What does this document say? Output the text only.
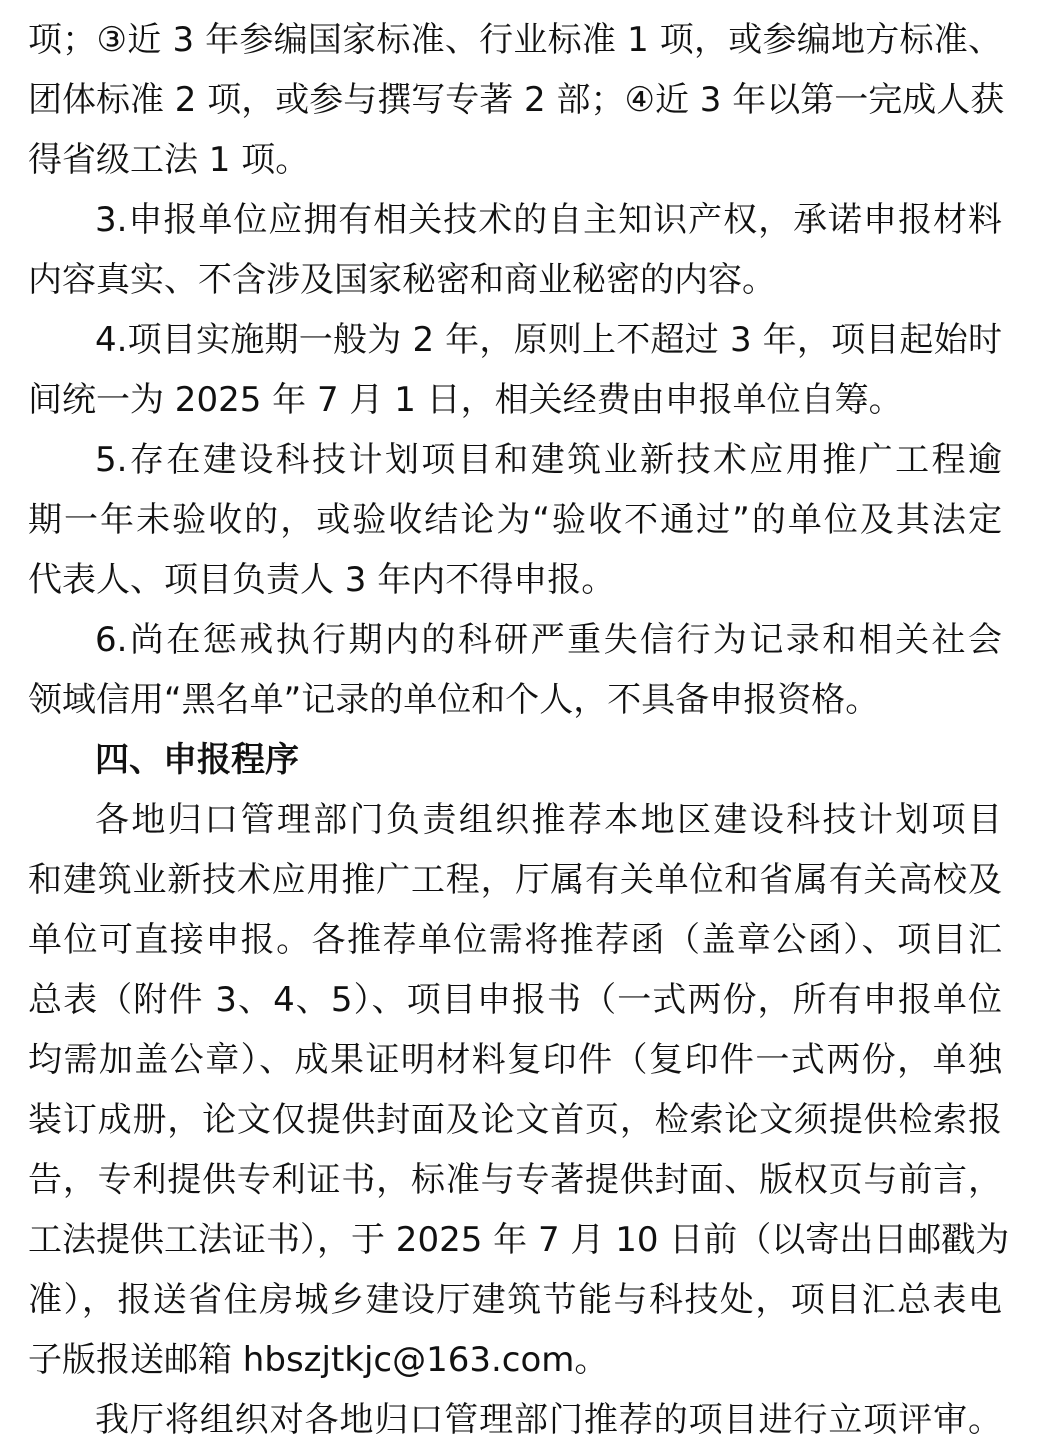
项；③近 3 年参编国家标准、行业标准 1 项，或参编地方标准、
团体标准 2 项，或参与撰写专著 2 部；④近 3 年以第一完成人获
得省级工法 1 项。
3.申报单位应拥有相关技术的自主知识产权，承诺申报材料
内容真实、不含涉及国家秘密和商业秘密的内容。
4.项目实施期一般为 2 年，原则上不超过 3 年，项目起始时
间统一为 2025 年 7 月 1 日，相关经费由申报单位自筹。
5.存在建设科技计划项目和建筑业新技术应用推广工程逾
期一年未验收的，或验收结论为“验收不通过”的单位及其法定
代表人、项目负责人 3 年内不得申报。
6.尚在惩戒执行期内的科研严重失信行为记录和相关社会
领域信用“黑名单”记录的单位和个人，不具备申报资格。
四、申报程序
各地归口管理部门负责组织推荐本地区建设科技计划项目
和建筑业新技术应用推广工程，厅属有关单位和省属有关高校及
单位可直接申报。各推荐单位需将推荐函（盖章公函）、项目汇
总表（附件 3、4、5）、项目申报书（一式两份，所有申报单位
均需加盖公章）、成果证明材料复印件（复印件一式两份，单独
装订成册，论文仅提供封面及论文首页，检索论文须提供检索报
告，专利提供专利证书，标准与专著提供封面、版权页与前言，
工法提供工法证书），于 2025 年 7 月 10 日前（以寄出日邮戳为
准），报送省住房城乡建设厅建筑节能与科技处，项目汇总表电
子版报送邮箱 hbszjtkjc@163.com。
我厅将组织对各地归口管理部门推荐的项目进行立项评审。
